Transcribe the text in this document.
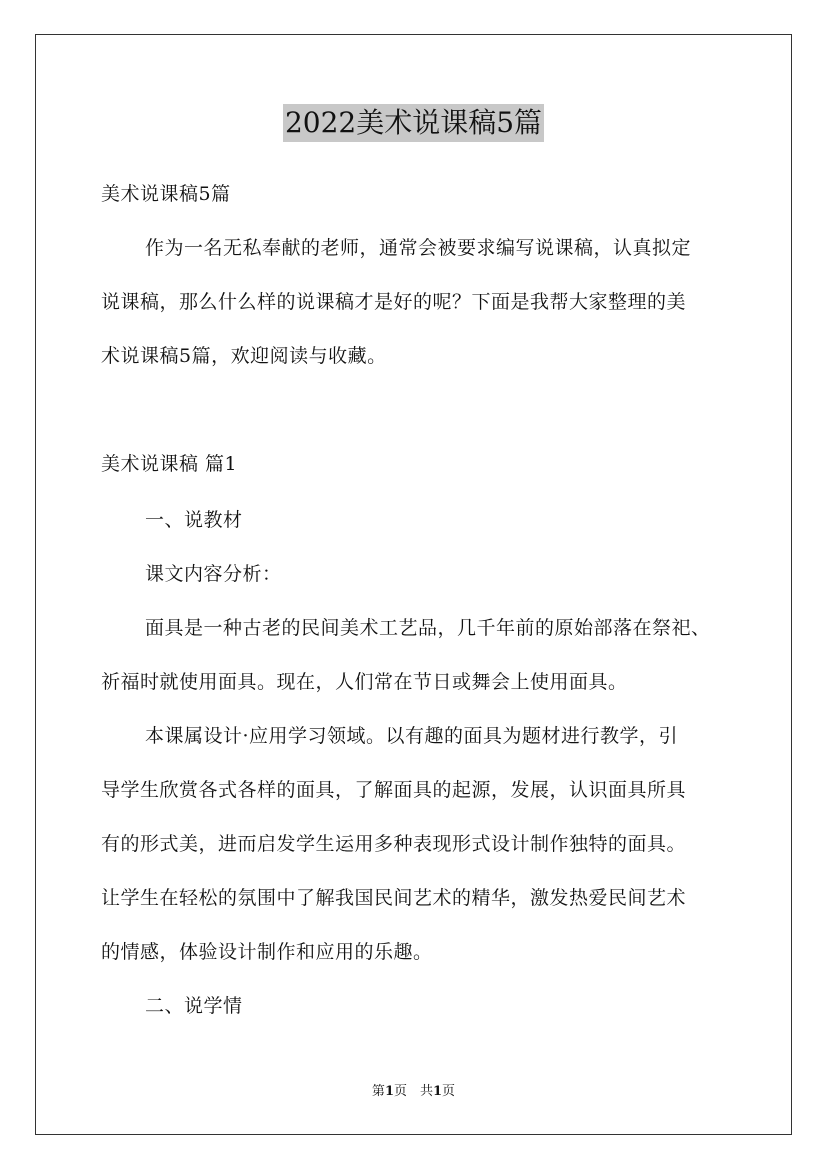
2022美术说课稿5篇
美术说课稿5篇
作为一名无私奉献的老师，通常会被要求编写说课稿，认真拟定
说课稿，那么什么样的说课稿才是好的呢？下面是我帮大家整理的美
术说课稿5篇，欢迎阅读与收藏。
美术说课稿 篇1
一、说教材
课文内容分析：
面具是一种古老的民间美术工艺品，几千年前的原始部落在祭祀、
祈福时就使用面具。现在，人们常在节日或舞会上使用面具。
本课属设计·应用学习领域。以有趣的面具为题材进行教学，引
导学生欣赏各式各样的面具，了解面具的起源，发展，认识面具所具
有的形式美，进而启发学生运用多种表现形式设计制作独特的面具。
让学生在轻松的氛围中了解我国民间艺术的精华，激发热爱民间艺术
的情感，体验设计制作和应用的乐趣。
二、说学情
第1页　共1页
